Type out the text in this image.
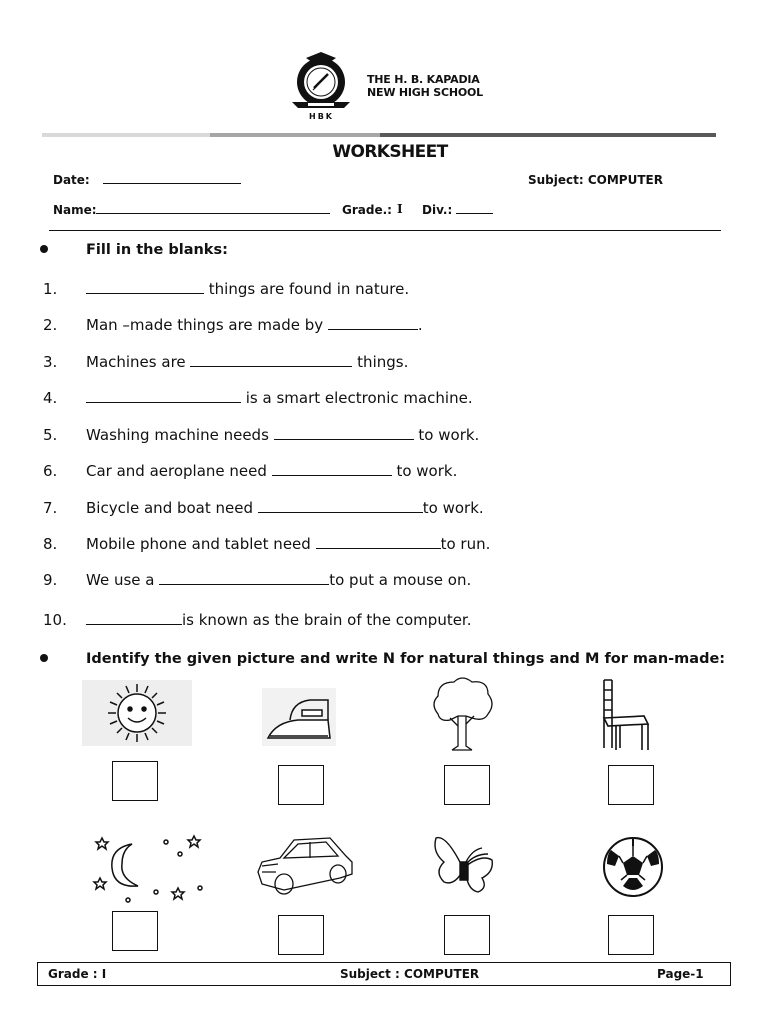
THE H. B. KAPADIA
NEW HIGH SCHOOL
HBK
WORKSHEET
Date:	Subject: COMPUTER
Name:	Grade.: I Div.:
Fill in the blanks:
1.	things are found in nature.
2. Man –made things are made by	.
3. Machines are	things.
4.	is a smart electronic machine.
5. Washing machine needs	to work.
6. Car and aeroplane need	to work.
7. Bicycle and boat need	to work.
8. Mobile phone and tablet need	to run.
9. We use a	to put a mouse on.
10.	is known as the brain of the computer.
Identify the given picture and write N for natural things and M for man-made:
Grade : I	Subject : COMPUTER	Page-1
